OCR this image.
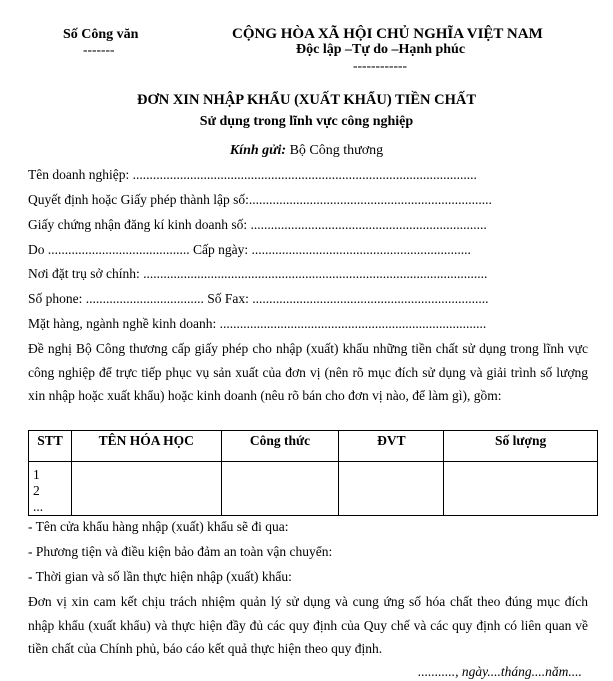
Số Công văn
-------
CỘNG HÒA XÃ HỘI CHỦ NGHĨA VIỆT NAM
Độc lập –Tự do –Hạnh phúc
------------
ĐƠN XIN NHẬP KHẨU (XUẤT KHẨU) TIỀN CHẤT
Sử dụng trong lĩnh vực công nghiệp
Kính gửi: Bộ Công thương
Tên doanh nghiệp: ......................................................................................................
Quyết định hoặc Giấy phép thành lập số:........................................................................
Giấy chứng nhận đăng kí kinh doanh số: ......................................................................
Do .......................................... Cấp ngày: .................................................................
Nơi đặt trụ sở chính: ......................................................................................................
Số phone: ................................... Số Fax: ......................................................................
Mặt hàng, ngành nghề kinh doanh: ...............................................................................
Đề nghị Bộ Công thương cấp giấy phép cho nhập (xuất) khẩu những tiền chất sử dụng trong lĩnh vực công nghiệp để trực tiếp phục vụ sản xuất của đơn vị (nên rõ mục đích sử dụng và giải trình số lượng xin nhập hoặc xuất khẩu) hoặc kinh doanh (nêu rõ bán cho đơn vị nào, để làm gì), gồm:
STT	TÊN HÓA HỌC	Công thức	ĐVT	Số lượng

1
2
...				

- Tên cửa khẩu hàng nhập (xuất) khẩu sẽ đi qua:
- Phương tiện và điều kiện bảo đảm an toàn vận chuyển:
- Thời gian và số lần thực hiện nhập (xuất) khẩu:
Đơn vị xin cam kết chịu trách nhiệm quản lý sử dụng và cung ứng số hóa chất theo đúng mục đích nhập khẩu (xuất khẩu) và thực hiện đầy đủ các quy định của Quy chế và các quy định có liên quan về tiền chất của Chính phủ, báo cáo kết quả thực hiện theo quy định.
..........., ngày....tháng....năm....
